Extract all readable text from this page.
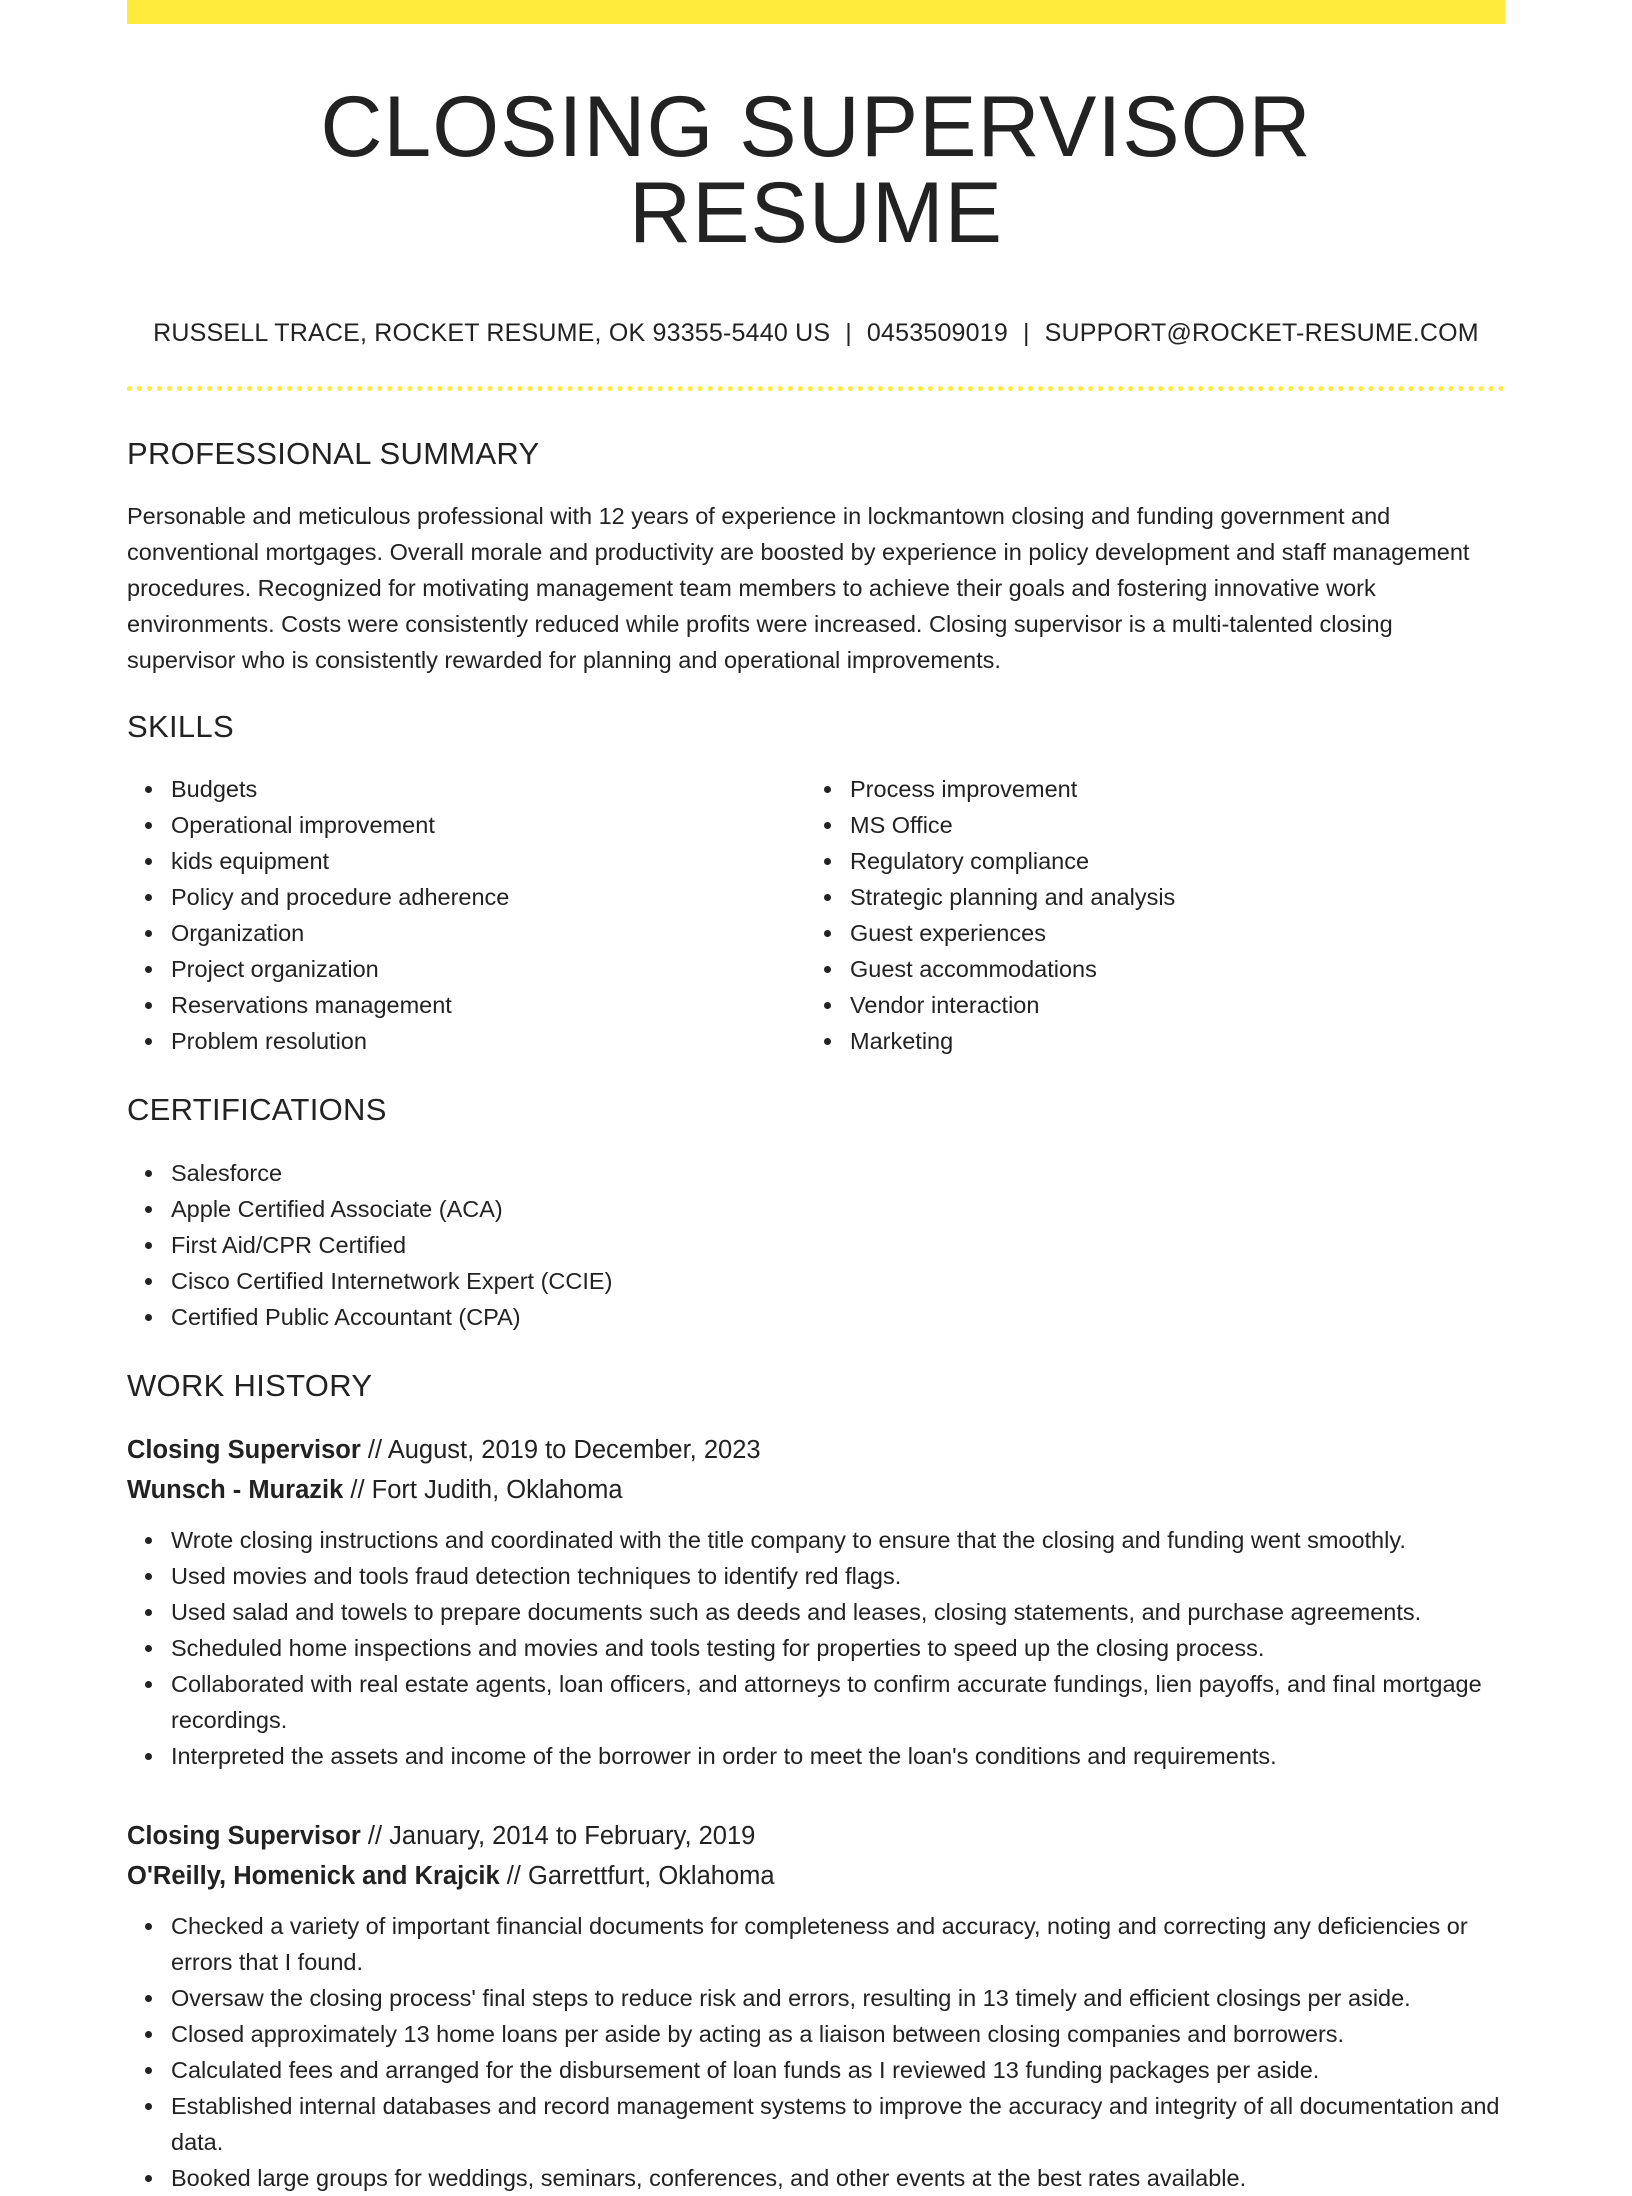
CLOSING SUPERVISOR RESUME
RUSSELL TRACE, ROCKET RESUME, OK 93355-5440 US | 0453509019 | SUPPORT@ROCKET-RESUME.COM
PROFESSIONAL SUMMARY

Personable and meticulous professional with 12 years of experience in lockmantown closing and funding government and conventional mortgages. Overall morale and productivity are boosted by experience in policy development and staff management procedures. Recognized for motivating management team members to achieve their goals and fostering innovative work environments. Costs were consistently reduced while profits were increased. Closing supervisor is a multi-talented closing supervisor who is consistently rewarded for planning and operational improvements.

SKILLS
Budgets
Operational improvement
kids equipment
Policy and procedure adherence
Organization
Project organization
Reservations management
Problem resolution
Process improvement
MS Office
Regulatory compliance
Strategic planning and analysis
Guest experiences
Guest accommodations
Vendor interaction
Marketing
CERTIFICATIONS
Salesforce
Apple Certified Associate (ACA)
First Aid/CPR Certified
Cisco Certified Internetwork Expert (CCIE)
Certified Public Accountant (CPA)
WORK HISTORY
Closing Supervisor // August, 2019 to December, 2023
Wunsch - Murazik // Fort Judith, Oklahoma
Wrote closing instructions and coordinated with the title company to ensure that the closing and funding went smoothly.
Used movies and tools fraud detection techniques to identify red flags.
Used salad and towels to prepare documents such as deeds and leases, closing statements, and purchase agreements.
Scheduled home inspections and movies and tools testing for properties to speed up the closing process.
Collaborated with real estate agents, loan officers, and attorneys to confirm accurate fundings, lien payoffs, and final mortgage recordings.
Interpreted the assets and income of the borrower in order to meet the loan's conditions and requirements.
Closing Supervisor // January, 2014 to February, 2019
O'Reilly, Homenick and Krajcik // Garrettfurt, Oklahoma
Checked a variety of important financial documents for completeness and accuracy, noting and correcting any deficiencies or errors that I found.
Oversaw the closing process' final steps to reduce risk and errors, resulting in 13 timely and efficient closings per aside.
Closed approximately 13 home loans per aside by acting as a liaison between closing companies and borrowers.
Calculated fees and arranged for the disbursement of loan funds as I reviewed 13 funding packages per aside.
Established internal databases and record management systems to improve the accuracy and integrity of all documentation and data.
Booked large groups for weddings, seminars, conferences, and other events at the best rates available.
